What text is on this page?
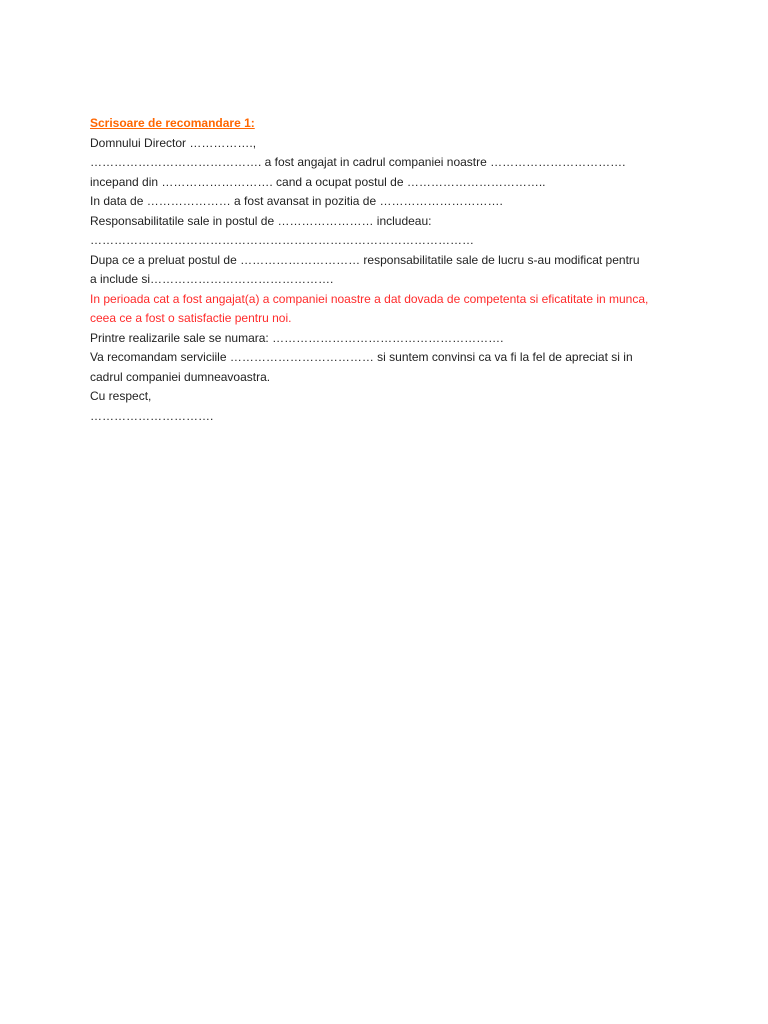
Scrisoare de recomandare 1:
Domnului Director …………….,
……………………………………. a fost angajat in cadrul companiei noastre …………………………….
incepand din ………………………. cand a ocupat postul de ……………………………..
In data de ………………… a fost avansat in pozitia de ………………………….
Responsabilitatile sale in postul de …………………… includeau:
……………………………………………………………………………………
Dupa ce a preluat postul de ………………………… responsabilitatile sale de lucru s-au modificat pentru
a include si……………………………………….
In perioada cat a fost angajat(a) a companiei noastre a dat dovada de competenta si eficatitate in munca,
ceea ce a fost o satisfactie pentru noi.
Printre realizarile sale se numara: ………………………………………………….
Va recomandam serviciile ……………………………… si suntem convinsi ca va fi la fel de apreciat si in
cadrul companiei dumneavoastra.
Cu respect,
………………………….
